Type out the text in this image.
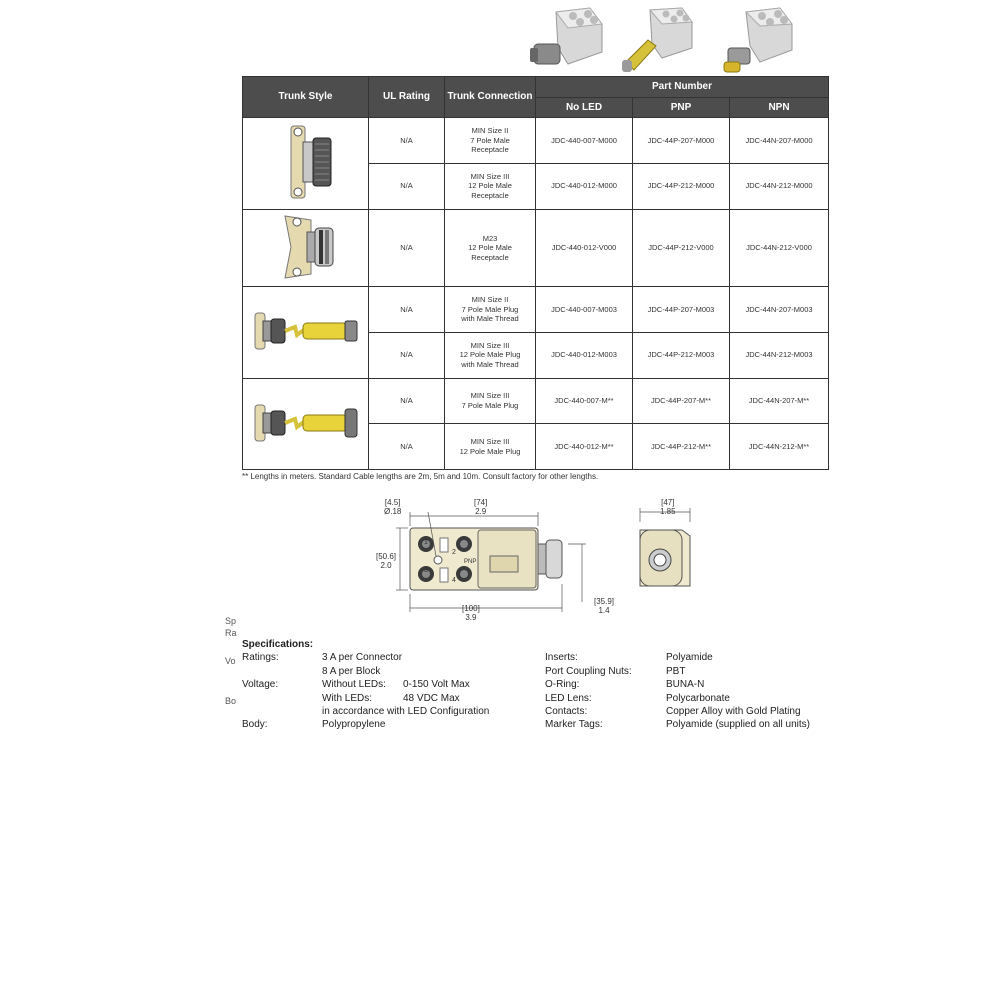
Trunk Style	UL Rating	Trunk Connection	Part Number		
			No LED	PNP	NPN
	N/A	MIN Size II
7 Pole Male
Receptacle	JDC-440-007-M000	JDC-44P-207-M000	JDC-44N-207-M000
	N/A	MIN Size III
12 Pole Male
Receptacle	JDC-440-012-M000	JDC-44P-212-M000	JDC-44N-212-M000
	N/A	M23
12 Pole Male
Receptacle	JDC-440-012-V000	JDC-44P-212-V000	JDC-44N-212-V000
	N/A	MIN Size II
7 Pole Male Plug
with Male Thread	JDC-440-007-M003	JDC-44P-207-M003	JDC-44N-207-M003
	N/A	MIN Size III
12 Pole Male Plug
with Male Thread	JDC-440-012-M003	JDC-44P-212-M003	JDC-44N-212-M003
	N/A	MIN Size III
7 Pole Male Plug	JDC-440-007-M**	JDC-44P-207-M**	JDC-44N-207-M**
	N/A	MIN Size III
12 Pole Male Plug	JDC-440-012-M**	JDC-44P-212-M**	JDC-44N-212-M**
** Lengths in meters. Standard Cable lengths are 2m, 5m and 10m. Consult factory for other lengths.
1
2
3
4
PNP
[4.5]
Ø.18
[74]
2.9
[50.6]
2.0
[35.9]
1.4
[100]
3.9
[47]
1.85
Sp
Ra
Vo
Bo
Specifications:
Ratings:	3 A per Connector
8 A per Block
Voltage:	Without LEDs: 0-150 Volt Max
With LEDs:	48 VDC Max
in accordance with LED Configuration
Body:	Polypropylene
Inserts:	Polyamide
Port Coupling Nuts:	PBT
O-Ring:	BUNA-N
LED Lens:	Polycarbonate
Contacts:	Copper Alloy with Gold Plating
Marker Tags:	Polyamide (supplied on all units)
